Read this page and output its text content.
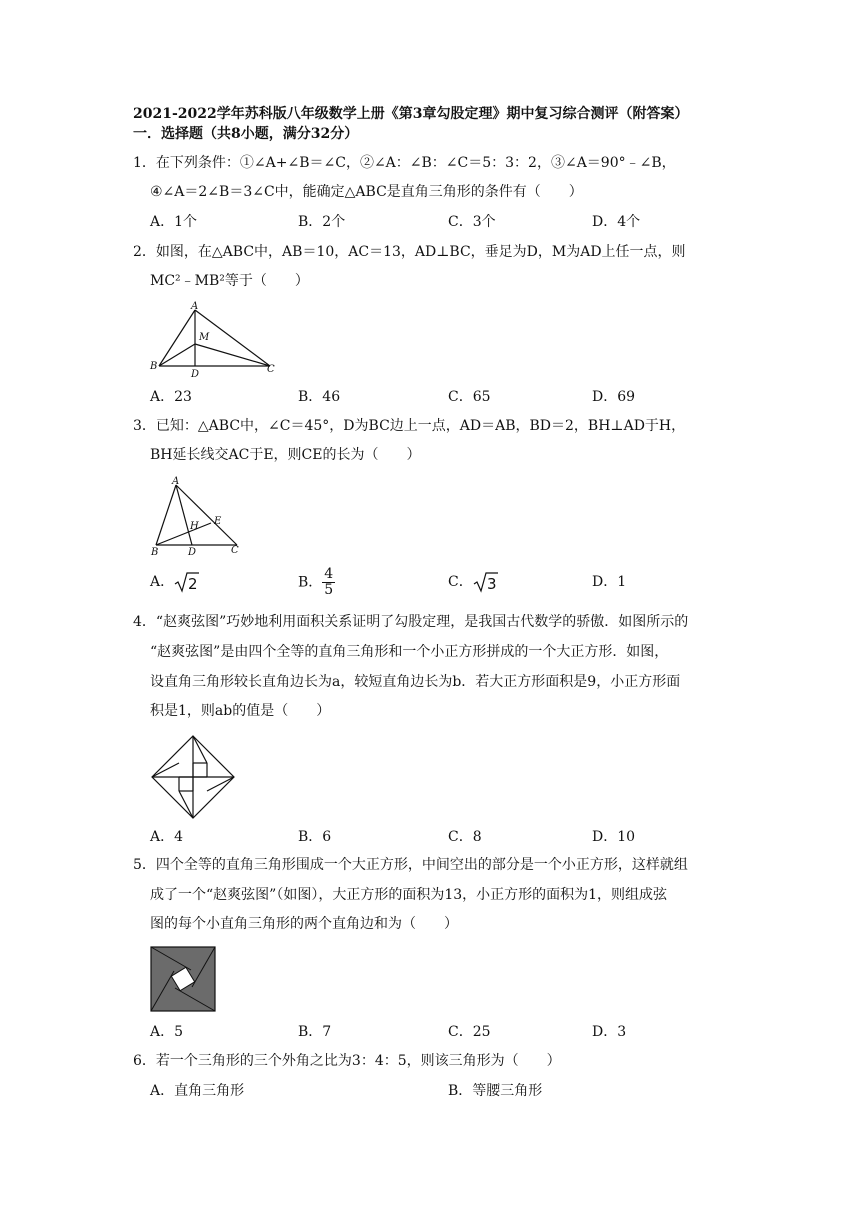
2021-2022学年苏科版八年级数学上册《第3章勾股定理》期中复习综合测评（附答案）
一．选择题（共8小题，满分32分）
1．在下列条件：①∠A+∠B＝∠C，②∠A：∠B：∠C＝5：3：2，③∠A＝90°﹣∠B，
④∠A＝2∠B＝3∠C中，能确定△ABC是直角三角形的条件有（　　）
A．1个	B．2个	C．3个	D．4个
2．如图，在△ABC中，AB＝10，AC＝13，AD⊥BC，垂足为D，M为AD上任一点，则
MC²﹣MB²等于（　　）
A
M
B
D	C
A．23	B．46	C．65	D．69
3．已知：△ABC中，∠C＝45°，D为BC边上一点，AD＝AB，BD＝2，BH⊥AD于H，
BH延长线交AC于E，则CE的长为（　　）
A
E
H
B	D	C
A． 2	B． $\frac{4}{5}$	C． 3	D．1
4．“赵爽弦图”巧妙地利用面积关系证明了勾股定理，是我国古代数学的骄傲．如图所示的
“赵爽弦图”是由四个全等的直角三角形和一个小正方形拼成的一个大正方形．如图，
设直角三角形较长直角边长为a，较短直角边长为b．若大正方形面积是9，小正方形面
积是1，则ab的值是（　　）
A．4	B．6	C．8	D．10
5．四个全等的直角三角形围成一个大正方形，中间空出的部分是一个小正方形，这样就组
成了一个“赵爽弦图”（如图），大正方形的面积为13，小正方形的面积为1，则组成弦
图的每个小直角三角形的两个直角边和为（　　）
A．5	B．7	C．25	D．3
6．若一个三角形的三个外角之比为3：4：5，则该三角形为（　　）
A．直角三角形	B．等腰三角形
